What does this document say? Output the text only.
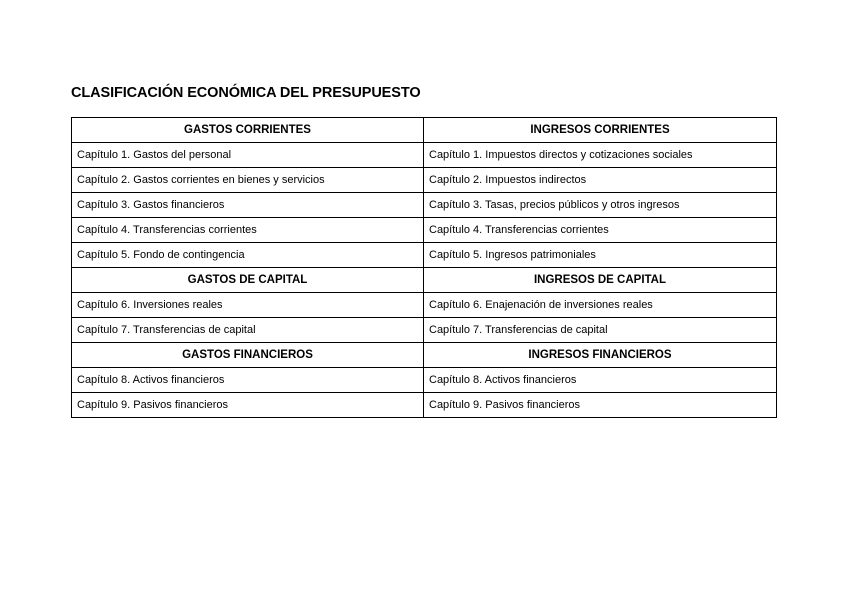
CLASIFICACIÓN ECONÓMICA DEL PRESUPUESTO
GASTOS CORRIENTES	INGRESOS CORRIENTES
Capítulo 1. Gastos del personal	Capítulo 1. Impuestos directos y cotizaciones sociales
Capítulo 2. Gastos corrientes en bienes y servicios	Capítulo 2. Impuestos indirectos
Capítulo 3. Gastos financieros	Capítulo 3. Tasas, precios públicos y otros ingresos
Capítulo 4. Transferencias corrientes	Capítulo 4. Transferencias corrientes
Capítulo 5. Fondo de contingencia	Capítulo 5. Ingresos patrimoniales
GASTOS DE CAPITAL	INGRESOS DE CAPITAL
Capítulo 6. Inversiones reales	Capítulo 6. Enajenación de inversiones reales
Capítulo 7. Transferencias de capital	Capítulo 7. Transferencias de capital
GASTOS FINANCIEROS	INGRESOS FINANCIEROS
Capítulo 8. Activos financieros	Capítulo 8. Activos financieros
Capítulo 9. Pasivos financieros	Capítulo 9. Pasivos financieros
